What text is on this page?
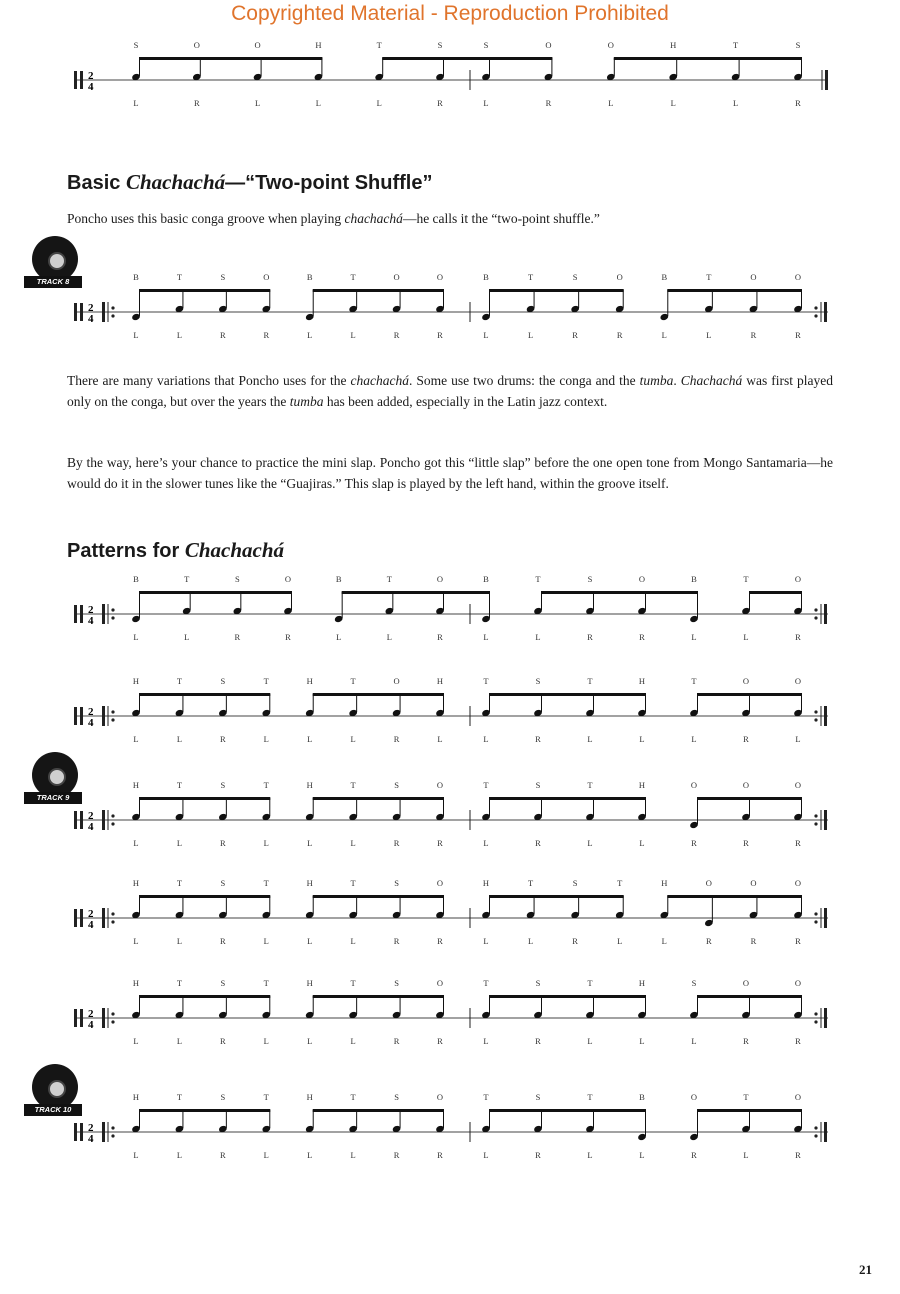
Copyrighted Material - Reproduction Prohibited
2
4
S
L
O
R
O
L
H
L
T
L
S
R
S
L
O
R
O
L
H
L
T
L
S
R
Basic Chachachá—“Two-point Shuffle”

Poncho uses this basic conga groove when playing chachachá—he calls it the “two-point shuffle.”

TRACK 8
2
4
B
L
T
L
S
R
O
R
B
L
T
L
O
R
O
R
B
L
T
L
S
R
O
R
B
L
T
L
O
R
O
R

There are many variations that Poncho uses for the chachachá. Some use two drums: the conga and the tumba. Chachachá was first played only on the conga, but over the years the tumba has been added, especially in the Latin jazz context.

By the way, here’s your chance to practice the mini slap. Poncho got this “little slap” before the one open tone from Mongo Santamaria—he would do it in the slower tunes like the “Guajiras.” This slap is played by the left hand, within the groove itself.

Patterns for Chachachá
2
4
B
L
T
L
S
R
O
R
B
L
T
L
O
R
B
L
T
L
S
R
O
R
B
L
T
L
O
R
2
4
H
L
T
L
S
R
T
L
H
L
T
L
O
R
H
L
T
L
S
R
T
L
H
L
T
L
O
R
O
L
TRACK 9
2
4
H
L
T
L
S
R
T
L
H
L
T
L
S
R
O
R
T
L
S
R
T
L
H
L
O
R
O
R
O
R
2
4
H
L
T
L
S
R
T
L
H
L
T
L
S
R
O
R
H
L
T
L
S
R
T
L
H
L
O
R
O
R
O
R
2
4
H
L
T
L
S
R
T
L
H
L
T
L
S
R
O
R
T
L
S
R
T
L
H
L
S
L
O
R
O
R
TRACK 10
2
4
H
L
T
L
S
R
T
L
H
L
T
L
S
R
O
R
T
L
S
R
T
L
B
L
O
R
T
L
O
R
21
